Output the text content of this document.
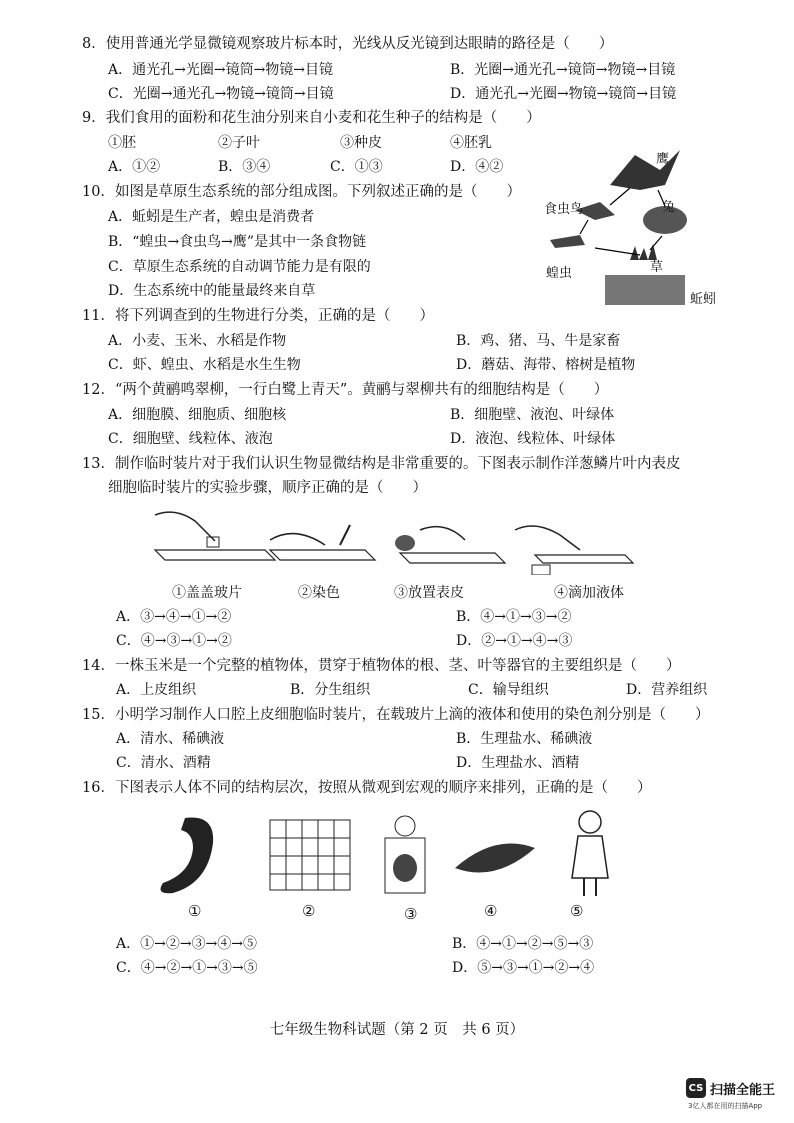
8．使用普通光学显微镜观察玻片标本时，光线从反光镜到达眼睛的路径是（　　）
A．通光孔→光圈→镜筒→物镜→目镜	B．光圈→通光孔→镜筒→物镜→目镜
C．光圈→通光孔→物镜→镜筒→目镜	D．通光孔→光圈→物镜→镜筒→目镜
9．我们食用的面粉和花生油分别来自小麦和花生种子的结构是（　　）
①胚	②子叶	③种皮	④胚乳
A．①②	B．③④	C．①③	D．④②
10．如图是草原生态系统的部分组成图。下列叙述正确的是（　　）
A．蚯蚓是生产者，蝗虫是消费者
B．“蝗虫→食虫鸟→鹰”是其中一条食物链
C．草原生态系统的自动调节能力是有限的
D．生态系统中的能量最终来自草
鹰
食虫鸟	兔
蝗虫	草
蚯蚓
11．将下列调查到的生物进行分类，正确的是（　　）
A．小麦、玉米、水稻是作物	B．鸡、猪、马、牛是家畜
C．虾、蝗虫、水稻是水生生物	D．蘑菇、海带、榕树是植物
12．“两个黄鹂鸣翠柳，一行白鹭上青天”。黄鹂与翠柳共有的细胞结构是（　　）
A．细胞膜、细胞质、细胞核	B．细胞壁、液泡、叶绿体
C．细胞壁、线粒体、液泡	D．液泡、线粒体、叶绿体
13．制作临时装片对于我们认识生物显微结构是非常重要的。下图表示制作洋葱鳞片叶内表皮
细胞临时装片的实验步骤，顺序正确的是（　　）
①盖盖玻片	②染色	③放置表皮	④滴加液体
A．③→④→①→②	B．④→①→③→②
C．④→③→①→②	D．②→①→④→③
14．一株玉米是一个完整的植物体，贯穿于植物体的根、茎、叶等器官的主要组织是（　　）
A．上皮组织	B．分生组织	C．输导组织	D．营养组织
15．小明学习制作人口腔上皮细胞临时装片，在载玻片上滴的液体和使用的染色剂分别是（　　）
A．清水、稀碘液	B．生理盐水、稀碘液
C．清水、酒精	D．生理盐水、酒精
16．下图表示人体不同的结构层次，按照从微观到宏观的顺序来排列，正确的是（　　）
①	②	③	④	⑤
A．①→②→③→④→⑤	B．④→①→②→⑤→③
C．④→②→①→③→⑤	D．⑤→③→①→②→④
七年级生物科试题（第 2 页　共 6 页）
CS 扫描全能王
3亿人都在用的扫描App
